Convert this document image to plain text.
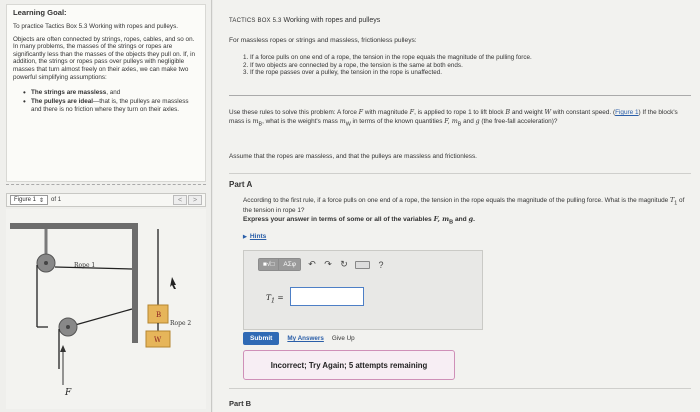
Learning Goal:

To practice Tactics Box 5.3 Working with ropes and pulleys.

Objects are often connected by strings, ropes, cables, and so on. In many problems, the masses of the strings or ropes are significantly less than the masses of the objects they pull on. If, in addition, the strings or ropes pass over pulleys with negligible masses that turn almost freely on their axles, we can make two powerful simplifying assumptions:

• The strings are massless, and
• The pulleys are ideal—that is, the pulleys are massless and there is no friction where they turn on their axles.
Figure 1 ⇕ of 1	<	>
F
B
W
Rope 1
Rope 2
TACTICS BOX 5.3 Working with ropes and pulleys
For massless ropes or strings and massless, frictionless pulleys:
1. If a force pulls on one end of a rope, the tension in the rope equals the magnitude of the pulling force.
2. If two objects are connected by a rope, the tension is the same at both ends.
3. If the rope passes over a pulley, the tension in the rope is unaffected.
Use these rules to solve this problem: A force F with magnitude F, is applied to rope 1 to lift block B and weight W with constant speed. (Figure 1) If the block's mass is $m_B$, what is the weight's mass $m_W$ in terms of the known quantities F, $m_B$ and g (the free-fall acceleration)?
Assume that the ropes are massless, and that the pulleys are massless and frictionless.
Part A
According to the first rule, if a force pulls on one end of a rope, the tension in the rope equals the magnitude of the pulling force. What is the magnitude $T_1$ of the tension in rope 1?
Express your answer in terms of some or all of the variables F, $m_B$ and g.
▶ Hints
■√□	AΣφ	↶ ↷ ↻	?
$T_1$ =
Submit	My Answers Give Up
Incorrect; Try Again; 5 attempts remaining
Part B
